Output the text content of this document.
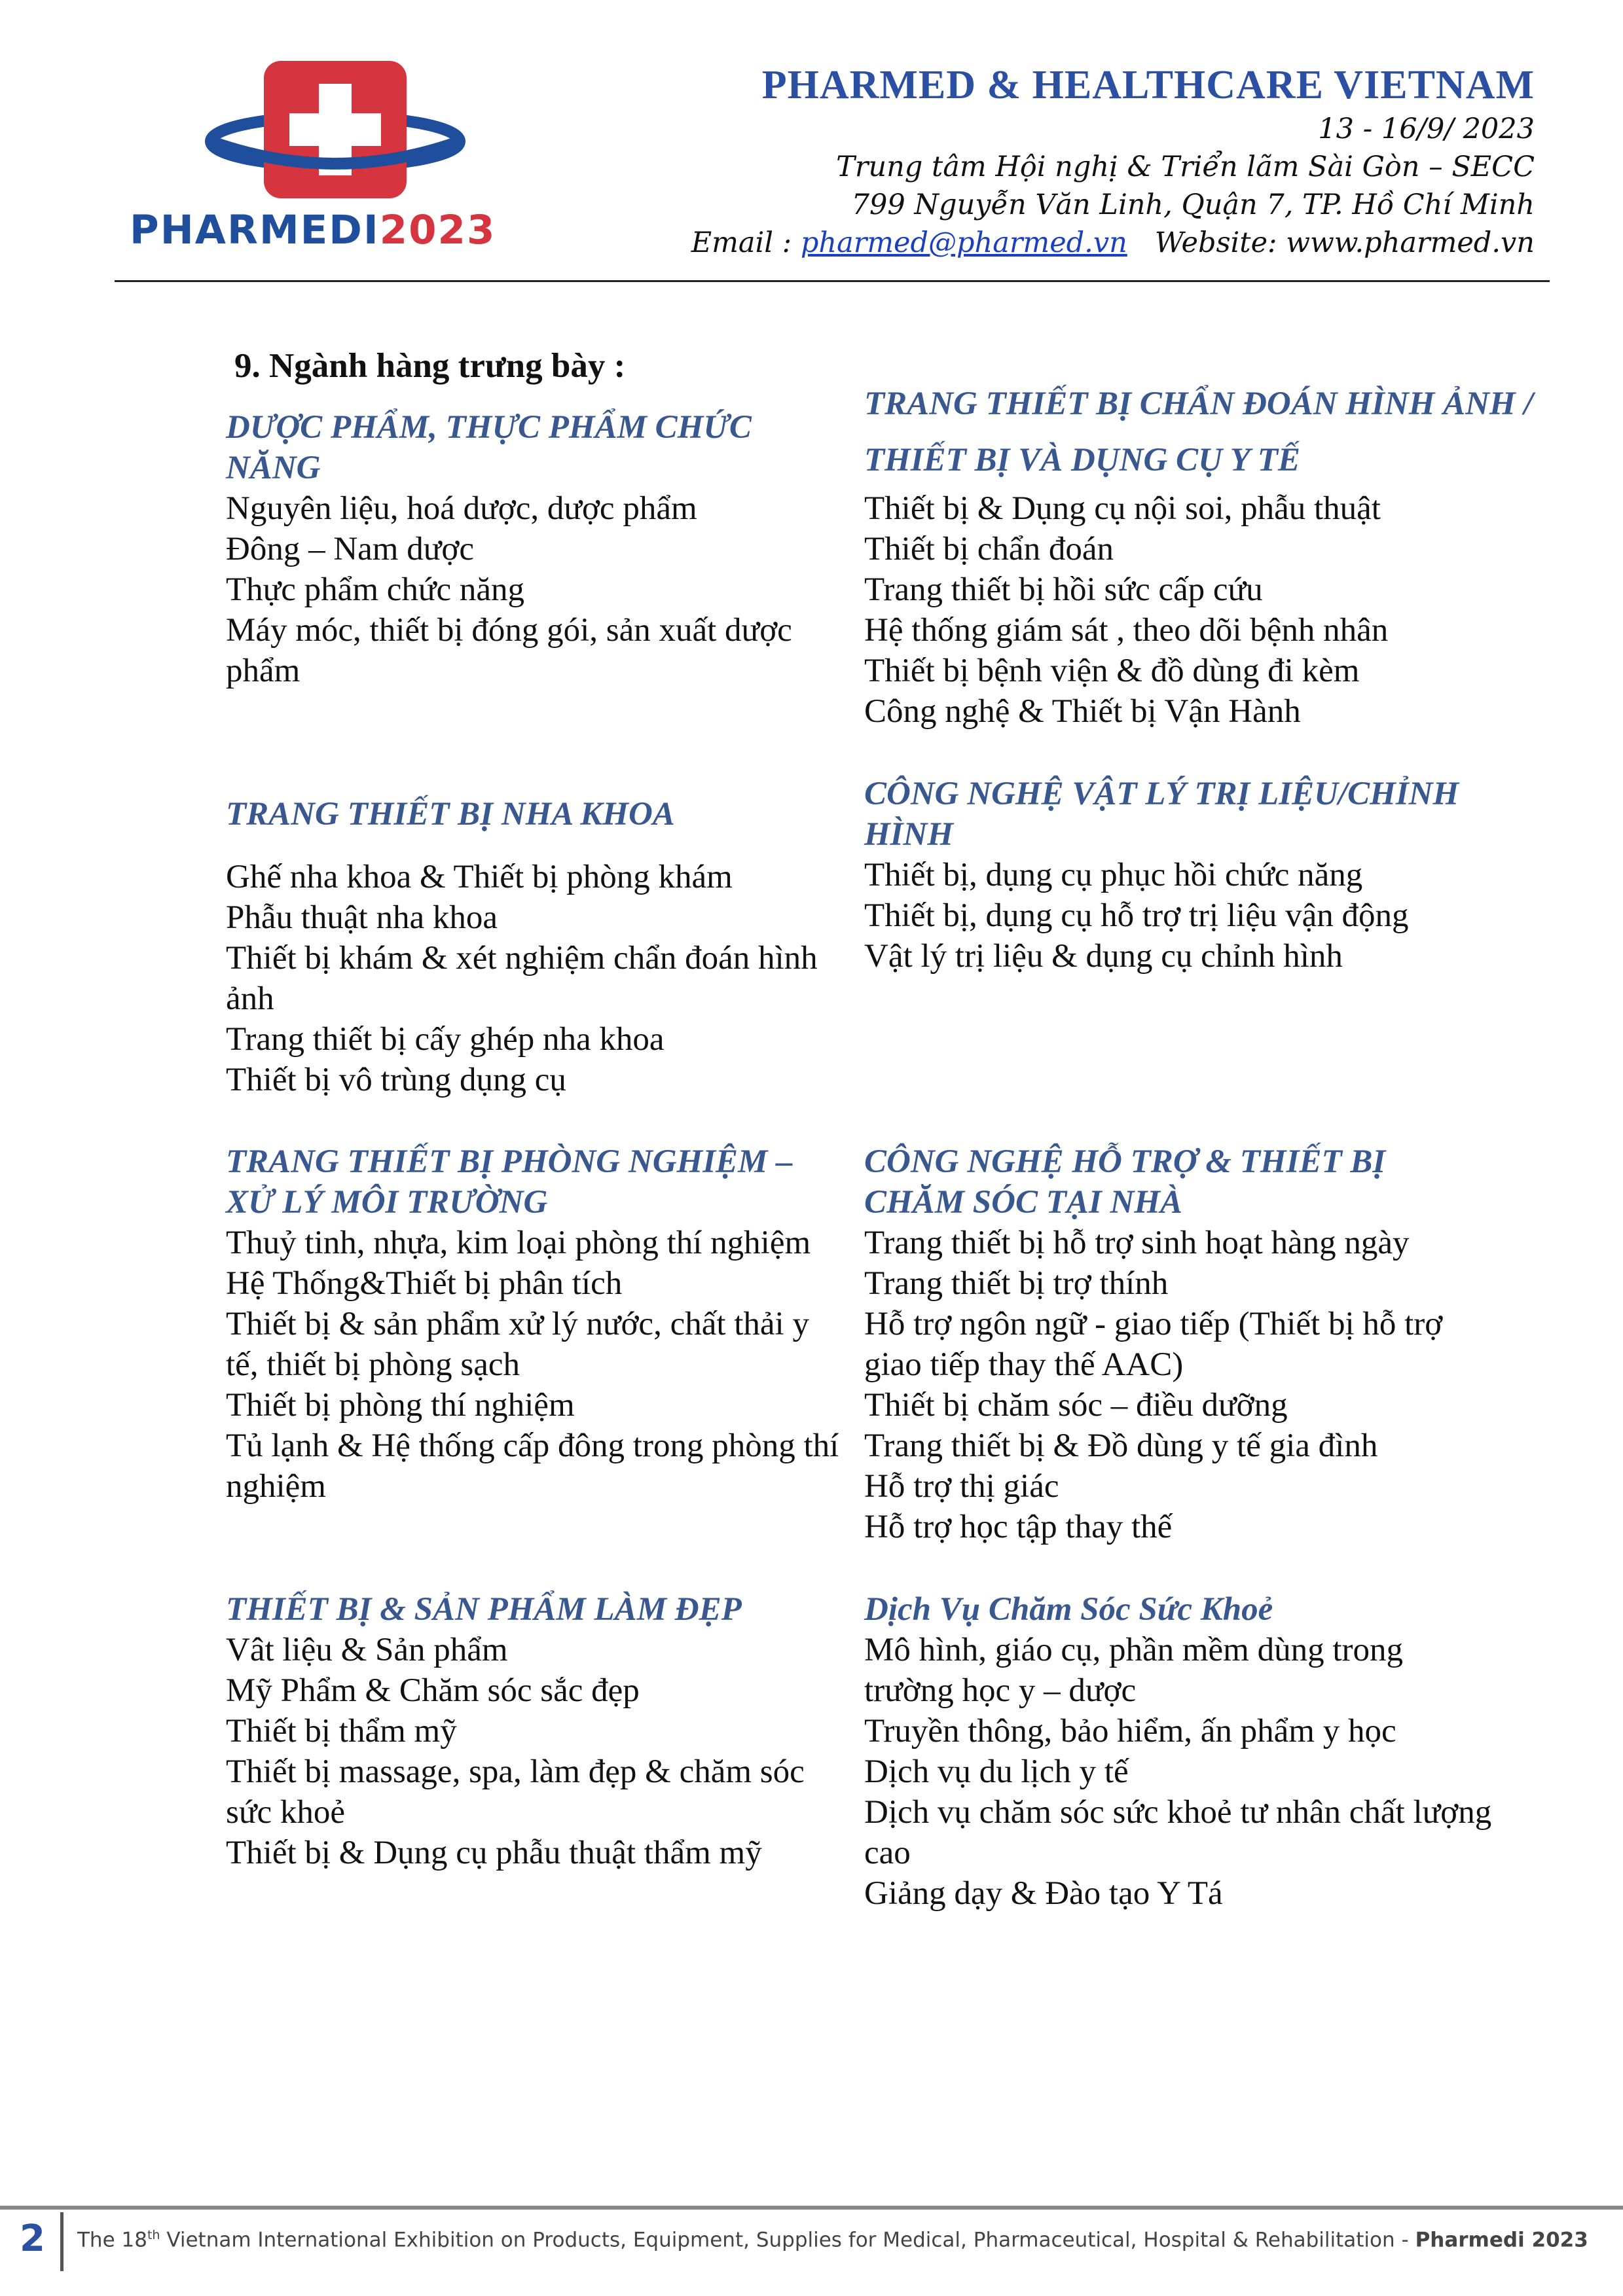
PHARMEDI2023
PHARMED & HEALTHCARE VIETNAM
13 - 16/9/ 2023
Trung tâm Hội nghị & Triển lãm Sài Gòn – SECC
799 Nguyễn Văn Linh, Quận 7, TP. Hồ Chí Minh
Email : pharmed@pharmed.vn Website: www.pharmed.vn
9. Ngành hàng trưng bày :
DƯỢC PHẨM, THỰC PHẨM CHỨC NĂNG
Nguyên liệu, hoá dược, dược phẩm
Đông – Nam dược
Thực phẩm chức năng
Máy móc, thiết bị đóng gói, sản xuất dược phẩm
TRANG THIẾT BỊ NHA KHOA
Ghế nha khoa & Thiết bị phòng khám
Phẫu thuật nha khoa
Thiết bị khám & xét nghiệm chẩn đoán hình ảnh
Trang thiết bị cấy ghép nha khoa
Thiết bị vô trùng dụng cụ
TRANG THIẾT BỊ PHÒNG NGHIỆM – XỬ LÝ MÔI TRƯỜNG
Thuỷ tinh, nhựa, kim loại phòng thí nghiệm
Hệ Thống&Thiết bị phân tích
Thiết bị & sản phẩm xử lý nước, chất thải y tế, thiết bị phòng sạch
Thiết bị phòng thí nghiệm
Tủ lạnh & Hệ thống cấp đông trong phòng thí nghiệm
THIẾT BỊ & SẢN PHẨM LÀM ĐẸP
Vât liệu & Sản phẩm
Mỹ Phẩm & Chăm sóc sắc đẹp
Thiết bị thẩm mỹ
Thiết bị massage, spa, làm đẹp & chăm sóc sức khoẻ
Thiết bị & Dụng cụ phẫu thuật thẩm mỹ
TRANG THIẾT BỊ CHẨN ĐOÁN HÌNH ẢNH /
THIẾT BỊ VÀ DỤNG CỤ Y TẾ
Thiết bị & Dụng cụ nội soi, phẫu thuật
Thiết bị chẩn đoán
Trang thiết bị hồi sức cấp cứu
Hệ thống giám sát , theo dõi bệnh nhân
Thiết bị bệnh viện & đồ dùng đi kèm
Công nghệ & Thiết bị Vận Hành
CÔNG NGHỆ VẬT LÝ TRỊ LIỆU/CHỈNH HÌNH
Thiết bị, dụng cụ phục hồi chức năng
Thiết bị, dụng cụ hỗ trợ trị liệu vận động
Vật lý trị liệu & dụng cụ chỉnh hình
CÔNG NGHỆ HỖ TRỢ & THIẾT BỊ CHĂM SÓC TẠI NHÀ
Trang thiết bị hỗ trợ sinh hoạt hàng ngày
Trang thiết bị trợ thính
Hỗ trợ ngôn ngữ - giao tiếp (Thiết bị hỗ trợ giao tiếp thay thế AAC)
Thiết bị chăm sóc – điều dưỡng
Trang thiết bị & Đồ dùng y tế gia đình
Hỗ trợ thị giác
Hỗ trợ học tập thay thế
Dịch Vụ Chăm Sóc Sức Khoẻ
Mô hình, giáo cụ, phần mềm dùng trong trường học y – dược
Truyền thông, bảo hiểm, ấn phẩm y học
Dịch vụ du lịch y tế
Dịch vụ chăm sóc sức khoẻ tư nhân chất lượng cao
Giảng dạy & Đào tạo Y Tá
2 The 18th Vietnam International Exhibition on Products, Equipment, Supplies for Medical, Pharmaceutical, Hospital & Rehabilitation - Pharmedi 2023
